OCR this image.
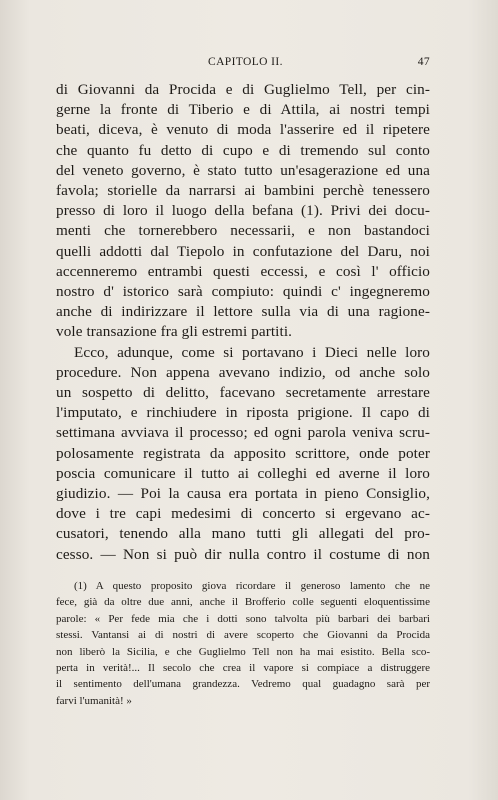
CAPITOLO II.	47
di Giovanni da Procida e di Guglielmo Tell, per cin-
gerne la fronte di Tiberio e di Attila, ai nostri tempi
beati, diceva, è venuto di moda l'asserire ed il ripetere
che quanto fu detto di cupo e di tremendo sul conto
del veneto governo, è stato tutto un'esagerazione ed una
favola; storielle da narrarsi ai bambini perchè tenessero
presso di loro il luogo della befana (1). Privi dei docu-
menti che tornerebbero necessarii, e non bastandoci
quelli addotti dal Tiepolo in confutazione del Daru, noi
accenneremo entrambi questi eccessi, e così l' officio
nostro d' istorico sarà compiuto: quindi c' ingegneremo
anche di indirizzare il lettore sulla via di una ragione-
vole transazione fra gli estremi partiti.
Ecco, adunque, come si portavano i Dieci nelle loro
procedure. Non appena avevano indizio, od anche solo
un sospetto di delitto, facevano secretamente arrestare
l'imputato, e rinchiudere in riposta prigione. Il capo di
settimana avviava il processo; ed ogni parola veniva scru-
polosamente registrata da apposito scrittore, onde poter
poscia comunicare il tutto ai colleghi ed averne il loro
giudizio. — Poi la causa era portata in pieno Consiglio,
dove i tre capi medesimi di concerto si ergevano ac-
cusatori, tenendo alla mano tutti gli allegati del pro-
cesso. — Non si può dir nulla contro il costume di non
(1) A questo proposito giova ricordare il generoso lamento che ne
fece, già da oltre due anni, anche il Brofferio colle seguenti eloquentissime
parole: « Per fede mia che i dotti sono talvolta più barbari dei barbari
stessi. Vantansi ai di nostri di avere scoperto che Giovanni da Procida
non liberò la Sicilia, e che Guglielmo Tell non ha mai esistito. Bella sco-
perta in verità!... Il secolo che crea il vapore si compiace a distruggere
il sentimento dell'umana grandezza. Vedremo qual guadagno sarà per
farvi l'umanità! »
